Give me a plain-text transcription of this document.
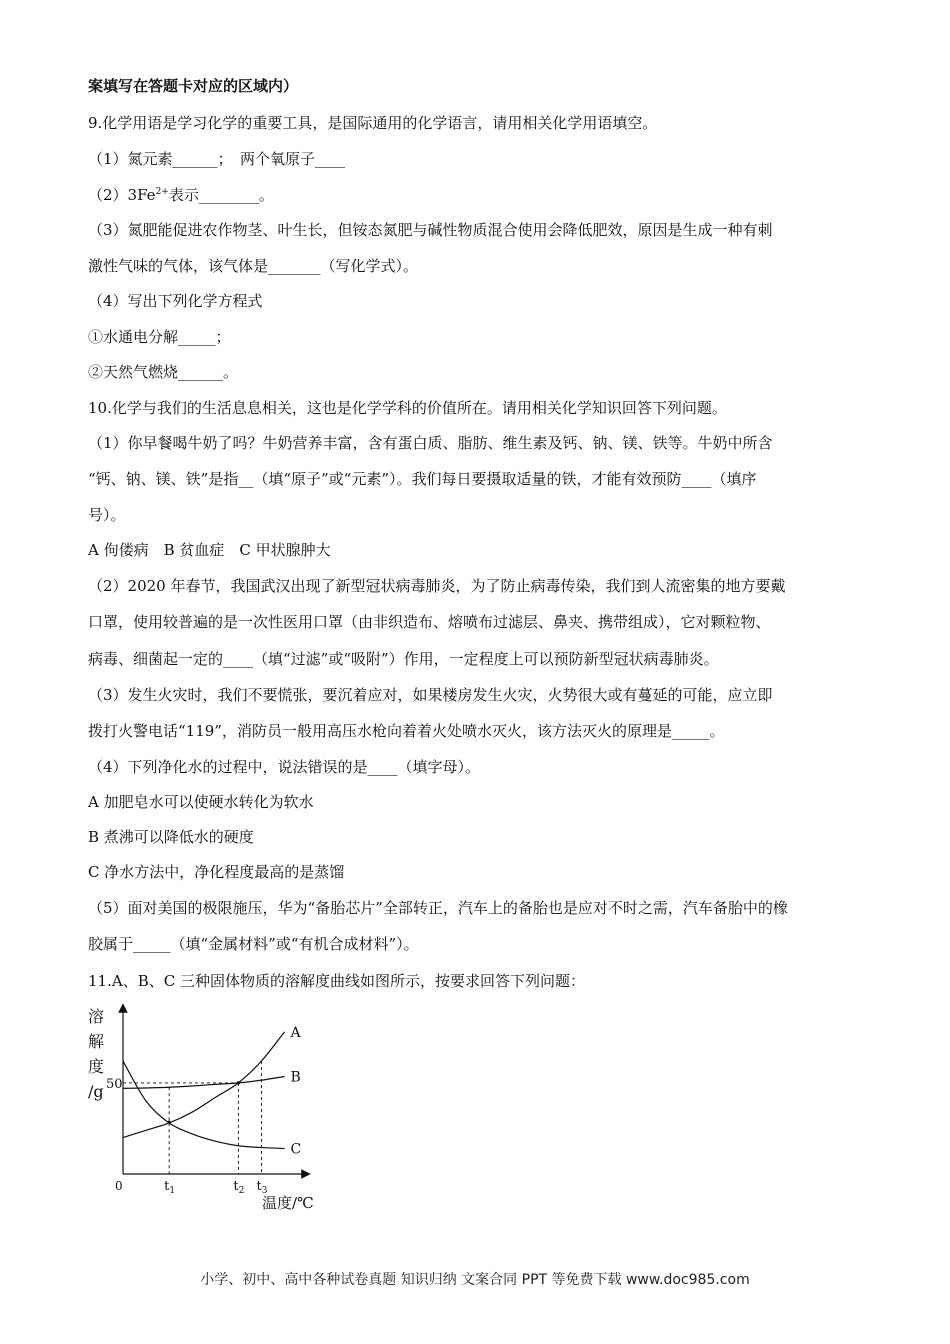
案填写在答题卡对应的区域内）
9.化学用语是学习化学的重要工具，是国际通用的化学语言，请用相关化学用语填空。
（1）氮元素______；　两个氧原子____
$(2)3Fe^{2+}$表示________。
（3）氮肥能促进农作物茎、叶生长，但铵态氮肥与碱性物质混合使用会降低肥效，原因是生成一种有刺
激性气味的气体，该气体是_______（写化学式）。
（4）写出下列化学方程式
①水通电分解_____；
②天然气燃烧______。
10.化学与我们的生活息息相关，这也是化学学科的价值所在。请用相关化学知识回答下列问题。
（1）你早餐喝牛奶了吗？牛奶营养丰富，含有蛋白质、脂肪、维生素及钙、钠、镁、铁等。牛奶中所含
“钙、钠、镁、铁”是指__（填“原子”或“元素”）。我们每日要摄取适量的铁，才能有效预防____（填序
号）。
A 佝偻病　B 贫血症　C 甲状腺肿大
（2）2020 年春节，我国武汉出现了新型冠状病毒肺炎，为了防止病毒传染，我们到人流密集的地方要戴
口罩，使用较普遍的是一次性医用口罩（由非织造布、熔喷布过滤层、鼻夹、携带组成），它对颗粒物、
病毒、细菌起一定的____（填“过滤”或“吸附”）作用，一定程度上可以预防新型冠状病毒肺炎。
（3）发生火灾时，我们不要慌张，要沉着应对，如果楼房发生火灾，火势很大或有蔓延的可能，应立即
拨打火警电话“119”，消防员一般用高压水枪向着着火处喷水灭火，该方法灭火的原理是_____。
（4）下列净化水的过程中，说法错误的是____（填字母）。
A 加肥皂水可以使硬水转化为软水
B 煮沸可以降低水的硬度
C 净水方法中，净化程度最高的是蒸馏
（5）面对美国的极限施压，华为“备胎芯片”全部转正，汽车上的备胎也是应对不时之需，汽车备胎中的橡
胶属于_____（填“金属材料”或“有机合成材料”）。
11.A、B、C 三种固体物质的溶解度曲线如图所示，按要求回答下列问题：
A
B
C
溶
解
度
/g 50
0	$t_1$	$t_2$ $t_3$
温度/℃
小学、初中、高中各种试卷真题 知识归纳 文案合同 PPT 等免费下载 www.doc985.com
